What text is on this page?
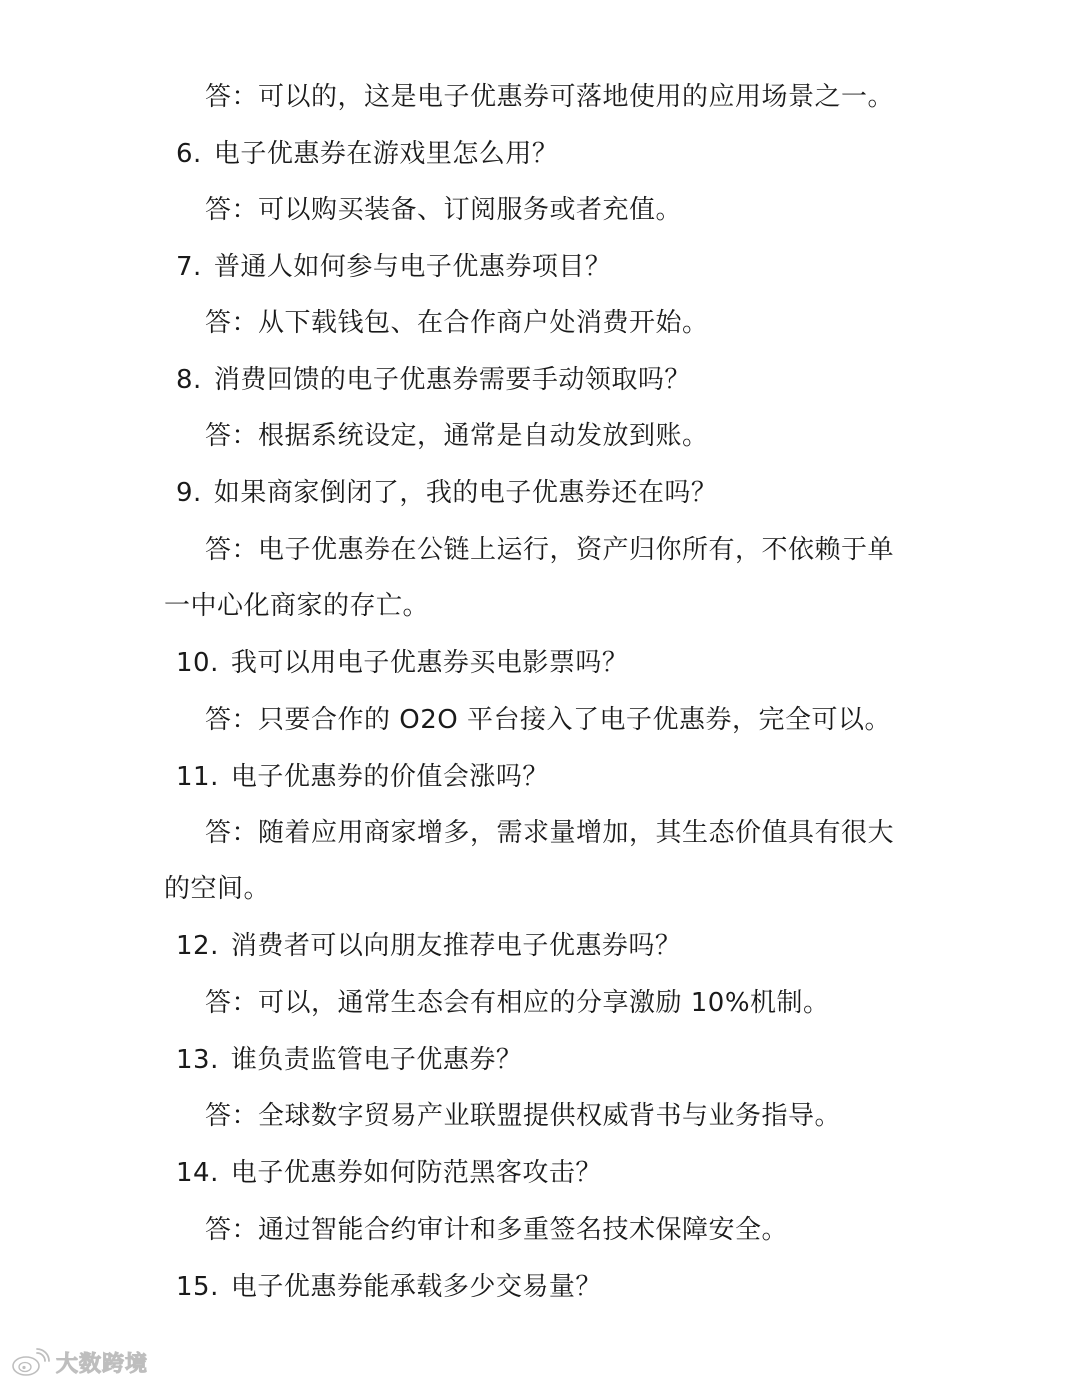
答：可以的，这是电子优惠券可落地使用的应用场景之一。
6. 电子优惠券在游戏里怎么用？
答：可以购买装备、订阅服务或者充值。
7. 普通人如何参与电子优惠券项目？
答：从下载钱包、在合作商户处消费开始。
8. 消费回馈的电子优惠券需要手动领取吗？
答：根据系统设定，通常是自动发放到账。
9. 如果商家倒闭了，我的电子优惠券还在吗？
答：电子优惠券在公链上运行，资产归你所有，不依赖于单
一中心化商家的存亡。
10. 我可以用电子优惠券买电影票吗？
答：只要合作的 O2O 平台接入了电子优惠券，完全可以。
11. 电子优惠券的价值会涨吗？
答：随着应用商家增多，需求量增加，其生态价值具有很大
的空间。
12. 消费者可以向朋友推荐电子优惠券吗？
答：可以，通常生态会有相应的分享激励 10%机制。
13. 谁负责监管电子优惠券？
答：全球数字贸易产业联盟提供权威背书与业务指导。
14. 电子优惠券如何防范黑客攻击？
答：通过智能合约审计和多重签名技术保障安全。
15. 电子优惠券能承载多少交易量？
大数跨境
